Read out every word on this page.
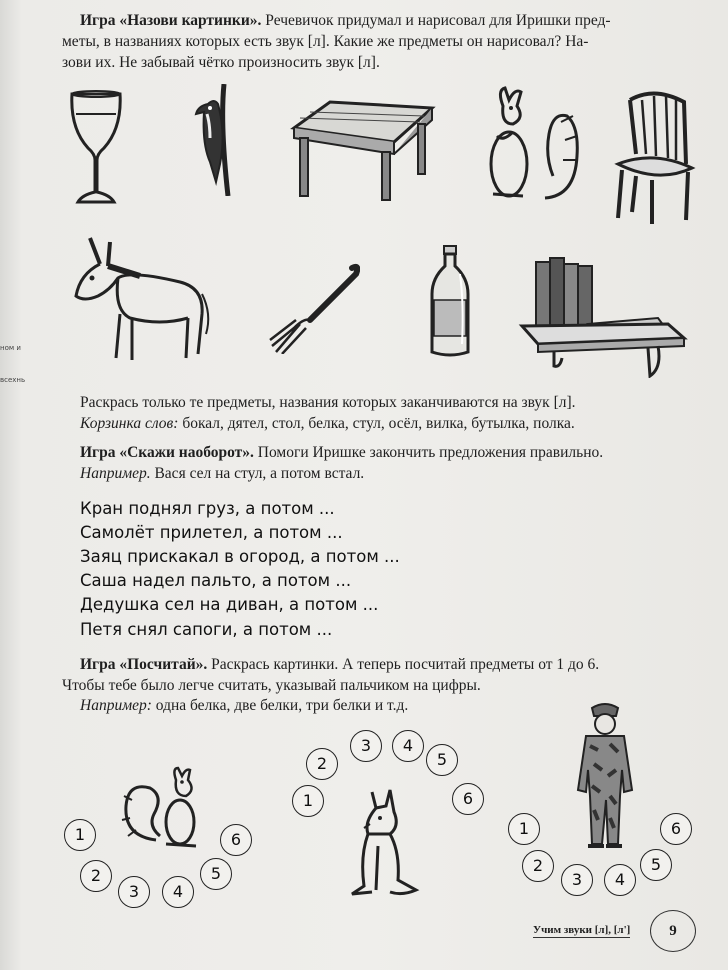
ном и
всехнь
Игра «Назови картинки». Речевичок придумал и нарисовал для Иришки пред-
меты, в названиях которых есть звук [л]. Какие же предметы он нарисовал? На-
зови их. Не забывай чётко произносить звук [л].
Раскрась только те предметы, названия которых заканчиваются на звук [л].
Корзинка слов: бокал, дятел, стол, белка, стул, осёл, вилка, бутылка, полка.
Игра «Скажи наоборот». Помоги Иришке закончить предложения правильно.
Например. Вася сел на стул, а потом встал.
Кран поднял груз, а потом ...
Самолёт прилетел, а потом ...
Заяц прискакал в огород, а потом ...
Саша надел пальто, а потом ...
Дедушка сел на диван, а потом ...
Петя снял сапоги, а потом ...
Игра «Посчитай». Раскрась картинки. А теперь посчитай предметы от 1 до 6.
Чтобы тебе было легче считать, указывай пальчиком на цифры.
Например: одна белка, две белки, три белки и т.д.
1
2
3	4
5
6
1
2
3	4
5
6
1
2
3	4
5
6
Учим звуки [л], [л']	9
